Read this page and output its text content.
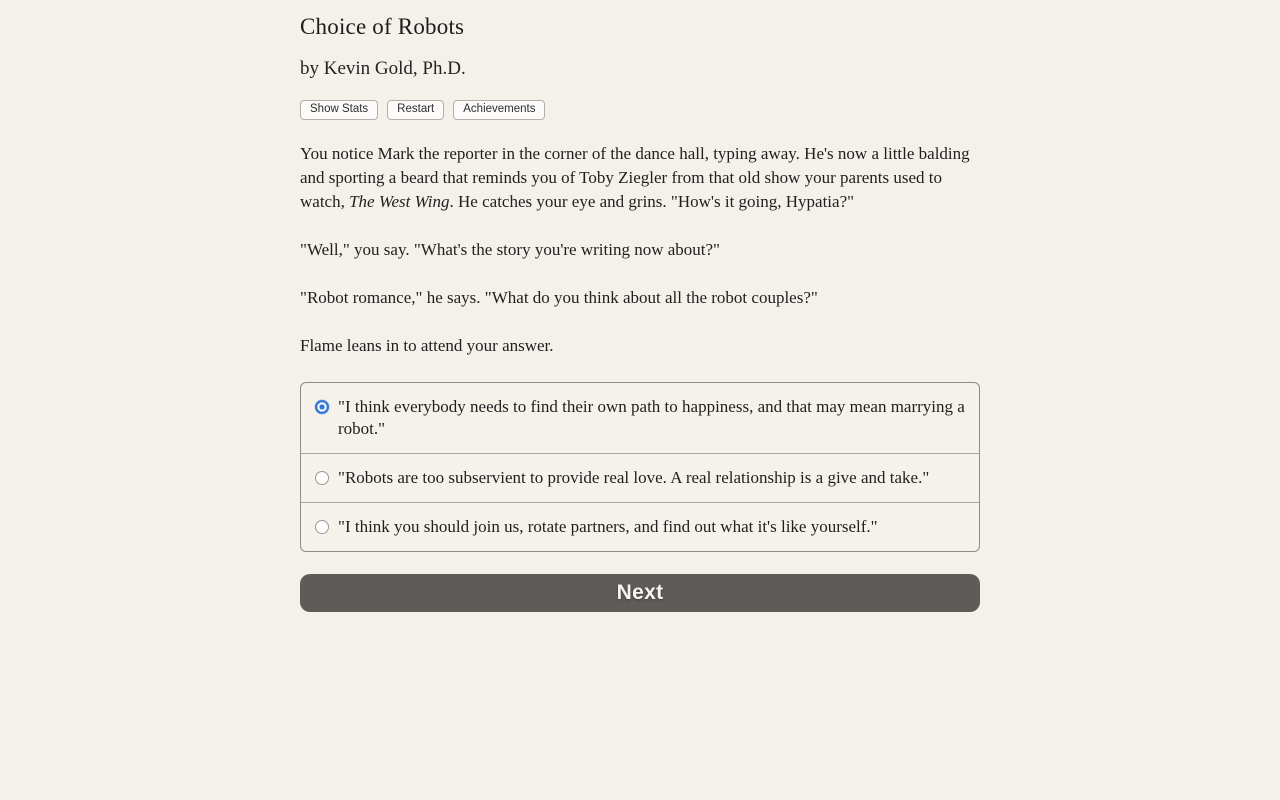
Choice of Robots
by Kevin Gold, Ph.D.
Show Stats	Restart	Achievements

You notice Mark the reporter in the corner of the dance hall, typing away. He's now a little balding and sporting a beard that reminds you of Toby Ziegler from that old show your parents used to watch, The West Wing. He catches your eye and grins. "How's it going, Hypatia?"

"Well," you say. "What's the story you're writing now about?"

"Robot romance," he says. "What do you think about all the robot couples?"

Flame leans in to attend your answer.

"I think everybody needs to find their own path to happiness, and that may mean marrying a robot."
"Robots are too subservient to provide real love. A real relationship is a give and take."
"I think you should join us, rotate partners, and find out what it's like yourself."
Next
